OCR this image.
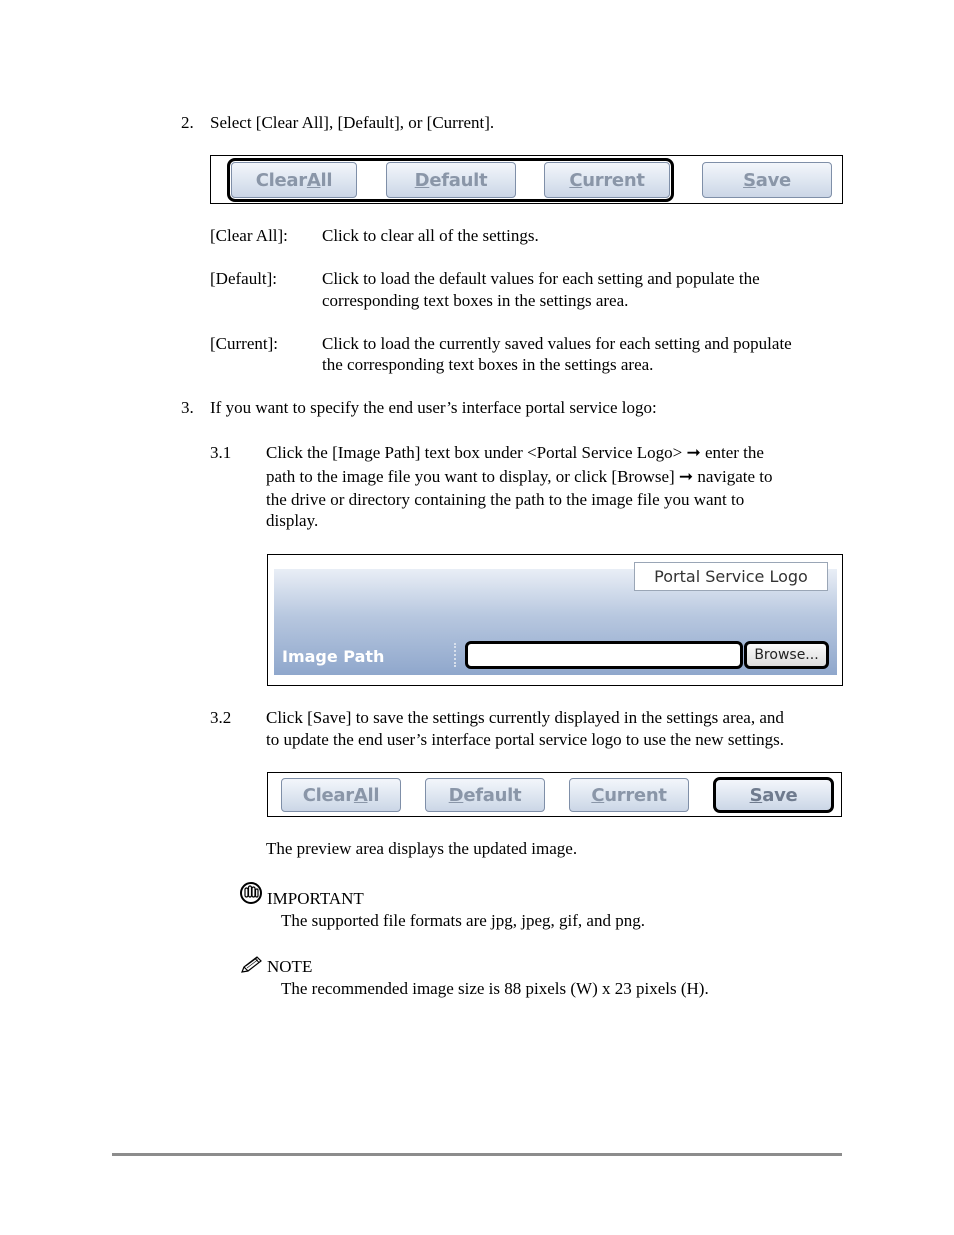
2. Select [Clear All], [Default], or [Current].
Clear A ll	D efault	C urrent	S ave
[Clear All]: Click to clear all of the settings.
[Default]:	Click to load the default values for each setting and populate the
corresponding text boxes in the settings area.
[Current]:	Click to load the currently saved values for each setting and populate
the corresponding text boxes in the settings area.
3. If you want to specify the end user’s interface portal service logo:
3.1 Click the [Image Path] text box under <Portal Service Logo> ➞ enter the
path to the image file you want to display, or click [Browse] ➞ navigate to
the drive or directory containing the path to the image file you want to
display.
Portal Service Logo
Image Path	Browse...
3.2 Click [Save] to save the settings currently displayed in the settings area, and
to update the end user’s interface portal service logo to use the new settings.
Clear A ll	D efault	C urrent	S ave
The preview area displays the updated image.
IMPORTANT
The supported file formats are jpg, jpeg, gif, and png.
NOTE
The recommended image size is 88 pixels (W) x 23 pixels (H).
